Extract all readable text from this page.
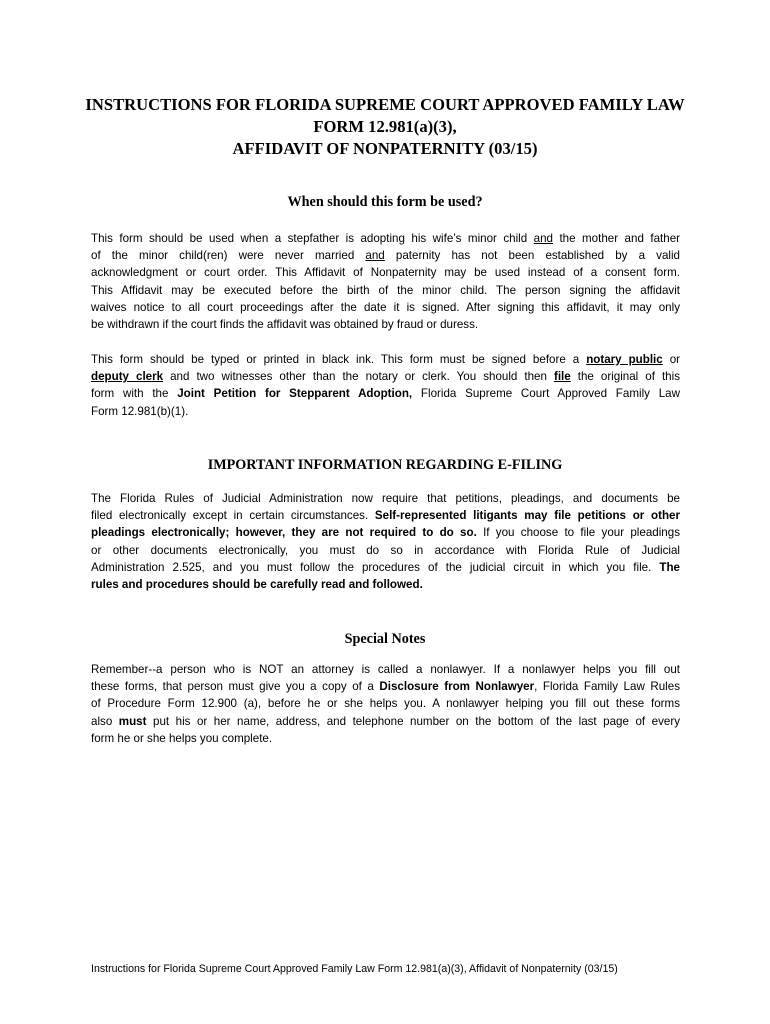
INSTRUCTIONS FOR FLORIDA SUPREME COURT APPROVED FAMILY LAW
FORM 12.981(a)(3),
AFFIDAVIT OF NONPATERNITY (03/15)
When should this form be used?
This form should be used when a stepfather is adopting his wife’s minor child and the mother and father
of the minor child(ren) were never married and paternity has not been established by a valid
acknowledgment or court order. This Affidavit of Nonpaternity may be used instead of a consent form.
This Affidavit may be executed before the birth of the minor child. The person signing the affidavit
waives notice to all court proceedings after the date it is signed. After signing this affidavit, it may only
be withdrawn if the court finds the affidavit was obtained by fraud or duress.
This form should be typed or printed in black ink. This form must be signed before a notary public or
deputy clerk and two witnesses other than the notary or clerk. You should then file the original of this
form with the Joint Petition for Stepparent Adoption, Florida Supreme Court Approved Family Law
Form 12.981(b)(1).
IMPORTANT INFORMATION REGARDING E-FILING
The Florida Rules of Judicial Administration now require that petitions, pleadings, and documents be
filed electronically except in certain circumstances. Self-represented litigants may file petitions or other
pleadings electronically; however, they are not required to do so. If you choose to file your pleadings
or other documents electronically, you must do so in accordance with Florida Rule of Judicial
Administration 2.525, and you must follow the procedures of the judicial circuit in which you file. The
rules and procedures should be carefully read and followed.
Special Notes
Remember--a person who is NOT an attorney is called a nonlawyer. If a nonlawyer helps you fill out
these forms, that person must give you a copy of a Disclosure from Nonlawyer, Florida Family Law Rules
of Procedure Form 12.900 (a), before he or she helps you. A nonlawyer helping you fill out these forms
also must put his or her name, address, and telephone number on the bottom of the last page of every
form he or she helps you complete.
Instructions for Florida Supreme Court Approved Family Law Form 12.981(a)(3), Affidavit of Nonpaternity (03/15)
